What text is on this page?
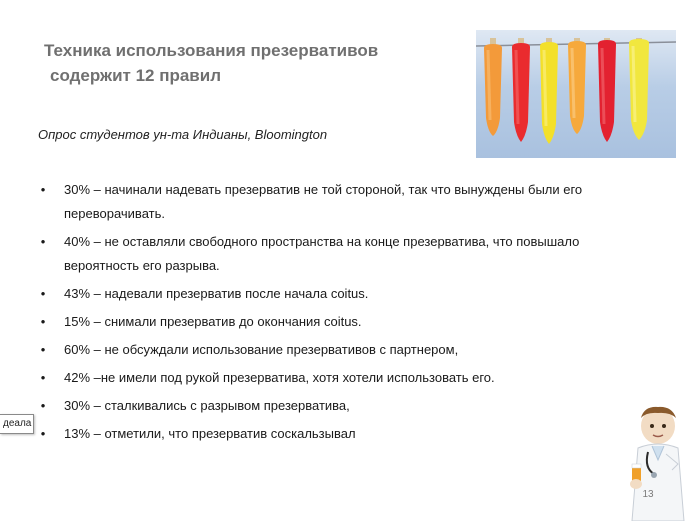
Техника использования презервативов
содержит 12 правил
Опрос студентов ун-та Индианы, Bloomington
• 30% – начинали надевать презерватив не той стороной, так что вынуждены были его переворачивать.
• 40% – не оставляли свободного пространства на конце презерватива, что повышало вероятность его разрыва.
• 43% – надевали презерватив после начала coitus.
• 15% – снимали презерватив до окончания coitus.
• 60% – не обсуждали использование презервативов с партнером,
• 42% –не имели под рукой презерватива, хотя хотели использовать его.
• 30% – сталкивались с разрывом презерватива,
• 13% – отметили, что презерватив соскальзывал
деала
13
